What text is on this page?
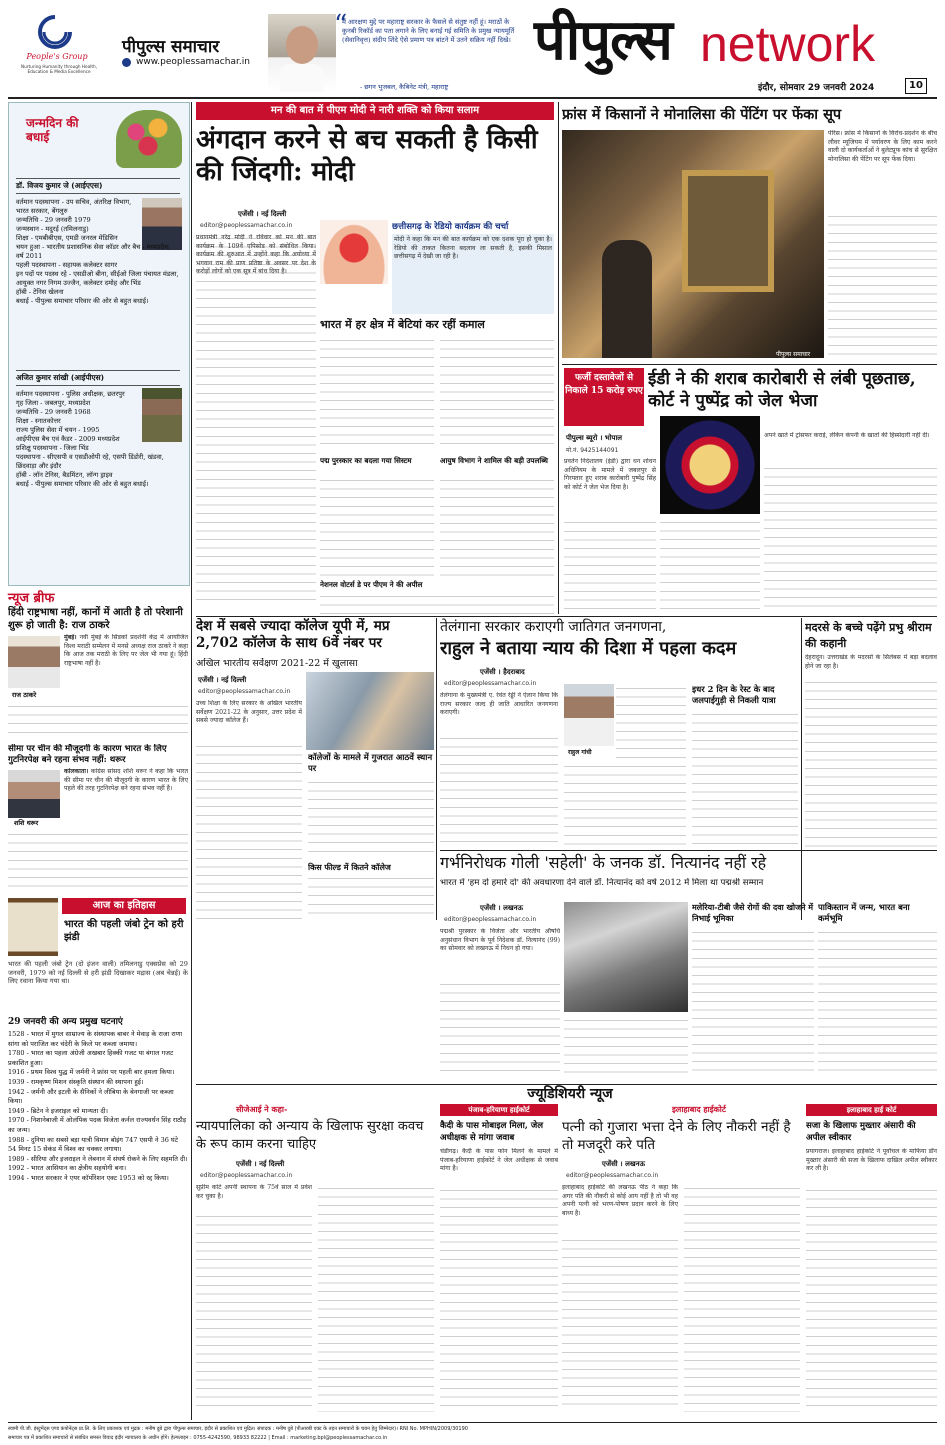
People's Group
Nurturing Humanity through Health, Education & Media Excellence
पीपुल्स समाचार
www.peoplessamachar.in
“
मैं आरक्षण मुद्दे पर महाराष्ट्र सरकार के फैसले से संतुष्ट नहीं हूं। मराठों के कुनबी रिकॉर्ड का पता लगाने के लिए बनाई गई समिति के प्रमुख न्यायमूर्ति (सेवानिवृत्त) संदीप शिंदे ऐसे प्रमाण पत्र बांटने में उतने सक्रिय नहीं दिखे।
- छगन भुजबल, कैबिनेट मंत्री, महाराष्ट्र
पीपुल्स network
इंदौर, सोमवार 29 जनवरी 2024	10
जन्मदिन की बधाई
डॉ. विजय कुमार जे (आईएएस)
वर्तमान पदस्थापना - उप सचिव, अंतरिक्ष विभाग, भारत सरकार, बेंगलुरु
जन्मतिथि - 29 जनवरी 1979
जन्मस्थान - मदुरई (तमिलनाडु)
शिक्षा - एमबीबीएस, एमडी जनरल मेडिसिन
चयन हुआ - भारतीय प्रशासनिक सेवा कॉडर और बैच - मध्यप्रदेश, वर्ष 2011
पहली पदस्थापना - सहायक कलेक्टर सागर
इन पदों पर पदस्थ रहे - एसडीओ बीना, सीईओ जिला पंचायत मंडला, आयुक्त नगर निगम उज्जैन, कलेक्टर दमोह और भिंड
हॉबी - टेनिस खेलना
बधाई - पीपुल्स समाचार परिवार की ओर से बहुत बधाई।
अजित कुमार सांखी (आईपीएस)
वर्तमान पदस्थापना - पुलिस अधीक्षक, छतरपुर
गृह जिला - जबलपुर, मध्यप्रदेश
जन्मतिथि - 29 जनवरी 1968
शिक्षा - स्नातकोत्तर
राज्य पुलिस सेवा में चयन - 1995
आईपीएस बैच एवं कैडर - 2009 मध्यप्रदेश
प्रशिक्षु पदस्थापना - जिला भिंड
पदस्थापना - सीएसपी व एसडीओपी रहे, एसपी डिंडोरी, खंडवा, छिंदवाड़ा और इंदौर
हॉबी - लॉन टेनिस, बैडमिंटन, लॉन्ग ड्राइव
बधाई - पीपुल्स समाचार परिवार की ओर से बहुत बधाई।
न्यूज ब्रीफ
हिंदी राष्ट्रभाषा नहीं, कानों में आती है तो परेशानी शुरू हो जाती है: राज ठाकरे
राज ठाकरे
मुंबई। नवी मुंबई के सिडको प्रदर्शनी केंद्र में आयोजित विश्व मराठी सम्मेलन में मनसे अध्यक्ष राज ठाकरे ने कहा कि आज तक मराठी के लिए पर जेल भी गया हूं। हिंदी राष्ट्रभाषा नहीं है।
सीमा पर चीन की मौजूदगी के कारण भारत के लिए गुटनिरपेक्ष बने रहना संभव नहीं: थरूर
शशि थरूर
कोलकाता। कांग्रेस सांसद शशि थरूर ने कहा कि भारत की सीमा पर चीन की मौजूदगी के कारण भारत के लिए पहले की तरह गुटनिरपेक्ष बने रहना संभव नहीं है।
आज का इतिहास
भारत की पहली जंबो ट्रेन को हरी झंडी
भारत की पहली जंबो ट्रेन (दो इंजन वाली) तमिलनाडु एक्सप्रेस को 29 जनवरी, 1979 को नई दिल्ली से हरी झंडी दिखाकर मद्रास (अब चेन्नई) के लिए रवाना किया गया था।
29 जनवरी की अन्य प्रमुख घटनाएं
1528 - भारत में मुगल साम्राज्य के संस्थापक बाबर ने मेवाड़ के राजा राणा सांगा को पराजित कर चंदेरी के किले पर कब्जा जमाया।
1780 - भारत का पहला अंग्रेजी अखबार हिक्की गजट या बंगाल गजट प्रकाशित हुआ।
1916 - प्रथम विश्व युद्ध में जर्मनी ने फ्रांस पर पहली बार हमला किया।
1939 - रामकृष्ण मिशन संस्कृति संस्थान की स्थापना हुई।
1942 - जर्मनी और इटली के सैनिकों ने लीबिया के बेनगाजी पर कब्जा किया।
1949 - ब्रिटेन ने इजराइल को मान्यता दी।
1970 - निशानेबाजी में ओलंपिक पदक विजेता कर्नल राज्यवर्धन सिंह राठौड़ का जन्म।
1988 - दुनिया का सबसे बड़ा यात्री विमान बोइंग 747 एसपी ने 36 घंटे 54 मिनट 15 सेकंड में विश्व का चक्कर लगाया।
1989 - सीरिया और इजराइल ने लेबनान में संघर्ष रोकने के लिए सहमति दी।
1992 - भारत आसियान का क्षेत्रीय सहयोगी बना।
1994 - भारत सरकार ने एयर कॉर्पोरेशन एक्ट 1953 को रद्द किया।
मन की बात में पीएम मोदी ने नारी शक्ति को किया सलाम
अंगदान करने से बच सकती है किसी की जिंदगी: मोदी
एजेंसी । नई दिल्ली
editor@peoplessamachar.co.in
प्रधानमंत्री नरेंद्र मोदी ने रविवार को मन की बात कार्यक्रम के 109वें एपिसोड को संबोधित किया। कार्यक्रम की शुरुआत में उन्होंने कहा कि अयोध्या में भगवान राम की प्राण प्रतिष्ठा के अवसर पर देश के करोड़ों लोगों को एक सूत्र में बांध दिया है।
छत्तीसगढ़ के रेडियो कार्यक्रम की चर्चा
मोदी ने कहा कि मन की बात कार्यक्रम को एक दशक पूरा हो चुका है। रेडियो की ताकत कितना बदलाव ला सकती है, इसकी मिसाल छत्तीसगढ़ में देखी जा रही है।
भारत में हर क्षेत्र में बेटियां कर रहीं कमाल
पद्म पुरस्कार का बदला गया सिस्टम	आयुष विभाग ने शामिल की बड़ी उपलब्धि
नेशनल वोटर्स डे पर पीएम ने की अपील
फ्रांस में किसानों ने मोनालिसा की पेंटिंग पर फेंका सूप
पीपुल्स समाचार
पेरिस। फ्रांस में किसानों के विरोध-प्रदर्शन के बीच लौवर म्यूजियम में पर्यावरण के लिए काम करने वाली दो कार्यकर्ताओं ने बुलेटप्रूफ कांच से सुरक्षित मोनालिसा की पेंटिंग पर सूप फेंक दिया।
फर्जी दस्तावेजों से निकाले 15 करोड़ रुपए
ईडी ने की शराब कारोबारी से लंबी पूछताछ, कोर्ट ने पुष्पेंद्र को जेल भेजा
पीपुल्स ब्यूरो । भोपाल
मो.नं. 9425144091
प्रवर्तन निदेशालय (ईडी) द्वारा धन शोधन अधिनियम के मामले में जबलपुर से गिरफ्तार हुए शराब कारोबारी पुष्पेंद्र सिंह को कोर्ट ने जेल भेज दिया है।
अपने खाते में ट्रांसफर कराई, लेकिन कंपनी के खातों की हिस्सेदारी नहीं दी।
देश में सबसे ज्यादा कॉलेज यूपी में, मप्र 2,702 कॉलेज के साथ 6वें नंबर पर
अखिल भारतीय सर्वेक्षण 2021-22 में खुलासा
एजेंसी । नई दिल्ली
editor@peoplessamachar.co.in
उच्च शिक्षा के लिए सरकार के अखिल भारतीय सर्वेक्षण 2021-22 के अनुसार, उत्तर प्रदेश में सबसे ज्यादा कॉलेज हैं।
कॉलेजों के मामले में गुजरात आठवें स्थान पर
किस फील्ड में कितने कॉलेज
तेलंगाना सरकार कराएगी जातिगत जनगणना,
राहुल ने बताया न्याय की दिशा में पहला कदम
एजेंसी । हैदराबाद
editor@peoplessamachar.co.in
तेलंगाना के मुख्यमंत्री ए. रेवंत रेड्डी ने ऐलान किया कि राज्य सरकार जल्द ही जाति आधारित जनगणना कराएगी।
राहुल गांधी
इधर 2 दिन के रेस्ट के बाद जलपाईगुड़ी से निकली यात्रा
मदरसे के बच्चे पढ़ेंगे प्रभु श्रीराम की कहानी
देहरादून। उत्तराखंड के मदरसों के सिलेबस में बड़ा बदलाव होने जा रहा है।
गर्भनिरोधक गोली 'सहेली' के जनक डॉ. नित्यानंद नहीं रहे
भारत में 'हम दो हमारे दो' की अवधारणा देने वाले डॉ. नित्यानंद को वर्ष 2012 में मिला था पद्मश्री सम्मान
एजेंसी । लखनऊ
editor@peoplessamachar.co.in
पद्मश्री पुरस्कार के विजेता और भारतीय औषधि अनुसंधान विभाग के पूर्व निदेशक डॉ. नित्यानंद (99) का सोमवार को लखनऊ में निधन हो गया।
मलेरिया-टीबी जैसे रोगों की दवा खोजने में निभाई भूमिका
पाकिस्तान में जन्म, भारत बना कर्मभूमि
ज्यूडिशियरी न्यूज
सीजेआई ने कहा-
न्यायपालिका को अन्याय के खिलाफ सुरक्षा कवच के रूप काम करना चाहिए
एजेंसी । नई दिल्ली
editor@peoplessamachar.co.in
सुप्रीम कोर्ट अपनी स्थापना के 75वें साल में प्रवेश कर चुका है।
पंजाब-हरियाणा हाईकोर्ट
कैदी के पास मोबाइल मिला, जेल अधीक्षक से मांगा जवाब
चंडीगढ़। कैदी के पास फोन मिलने के मामले में पंजाब-हरियाणा हाईकोर्ट ने जेल अधीक्षक से जवाब मांगा है।
इलाहाबाद हाईकोर्ट
पत्नी को गुजारा भत्ता देने के लिए नौकरी नहीं है तो मजदूरी करे पति
एजेंसी । लखनऊ
editor@peoplessamachar.co.in
इलाहाबाद हाईकोर्ट की लखनऊ पीठ ने कहा कि अगर पति की नौकरी से कोई आय नहीं है तो भी वह अपनी पत्नी को भरण-पोषण प्रदान करने के लिए बाध्य है।
इलाहाबाद हाई कोर्ट
सजा के खिलाफ मुख्तार अंसारी की अपील स्वीकार
प्रयागराज। इलाहाबाद हाईकोर्ट ने पूर्वांचल के माफिया डॉन मुख्तार अंसारी की सजा के खिलाफ दाखिल अपील स्वीकार कर ली है।
स्वामी पी.जी. इंस्ट्रुमेंट्स एण्ड कंपोनेंट्स प्रा.लि. के लिए प्रकाशक एवं मुद्रक : मनीष दुबे द्वारा पीपुल्स समाचार, इंदौर से प्रकाशित एवं मुद्रित। संपादक : मनीष दुबे (पीआरबी एक्ट के तहत समाचारों के चयन हेतु जिम्मेदार)। RNI No. MPHIN/2009/30190
समाचार पत्र में प्रकाशित समाचारों से संबंधित समस्त विवाद इंदौर न्यायालय के अधीन होंगे। हेल्पलाइन : 0755-4242590, 98933 82222 | Email : marketing.bpl@peoplessamachar.co.in
